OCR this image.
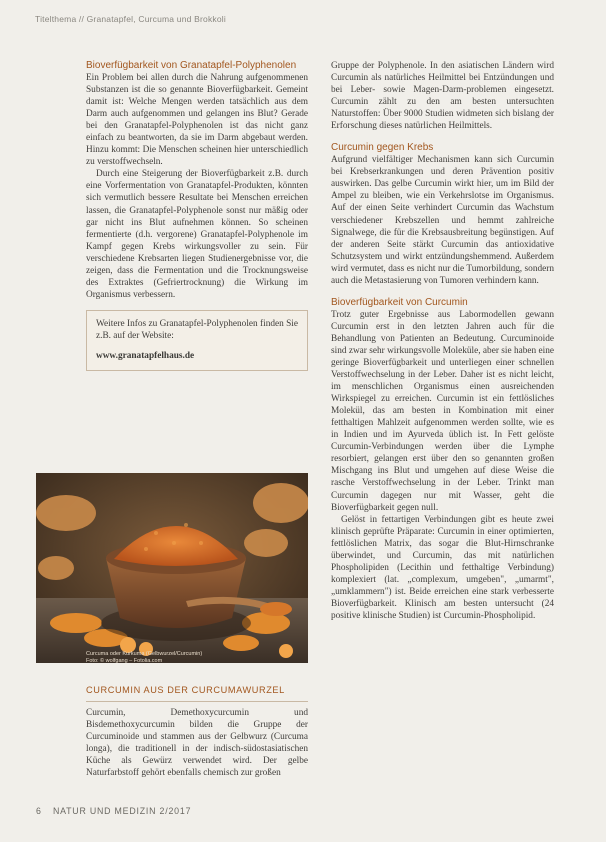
Titelthema // Granatapfel, Curcuma und Brokkoli
Bioverfügbarkeit von Granatapfel-Polyphenolen
Ein Problem bei allen durch die Nahrung aufgenommenen Substanzen ist die so genannte Bioverfügbarkeit. Gemeint damit ist: Welche Mengen werden tatsächlich aus dem Darm auch aufgenommen und gelangen ins Blut? Gerade bei den Granatapfel-Polyphenolen ist das nicht ganz einfach zu beantworten, da sie im Darm abgebaut werden. Hinzu kommt: Die Menschen scheinen hier unterschiedlich zu verstoffwechseln.
Durch eine Steigerung der Bioverfügbarkeit z.B. durch eine Vorfermentation von Granatapfel-Produkten, könnten sich vermutlich bessere Resultate bei Menschen erreichen lassen, die Granatapfel-Polyphenole sonst nur mäßig oder gar nicht ins Blut aufnehmen können. So scheinen fermentierte (d.h. vergorene) Granatapfel-Polyphenole im Kampf gegen Krebs wirkungsvoller zu sein. Für verschiedene Krebsarten liegen Studienergebnisse vor, die zeigen, dass die Fermentation und die Trocknungsweise des Extraktes (Gefriertrocknung) die Wirkung im Organismus verbessern.
Weitere Infos zu Granatapfel-Polyphenolen finden Sie z.B. auf der Website:
www.granatapfelhaus.de
Curcuma oder Kurkuma (Gelbwurzel/Curcumin)
Foto: © wolfgang – Fotolia.com
CURCUMIN AUS DER CURCUMAWURZEL
Curcumin, Demethoxycurcumin und Bisdemethoxycurcumin bilden die Gruppe der Curcuminoide und stammen aus der Gelbwurz (Curcuma longa), die traditionell in der indisch-südostasiatischen Küche als Gewürz verwendet wird. Der gelbe Naturfarbstoff gehört ebenfalls chemisch zur großen
Gruppe der Polyphenole. In den asiatischen Ländern wird Curcumin als natürliches Heilmittel bei Entzündungen und bei Leber- sowie Magen-Darm-problemen eingesetzt. Curcumin zählt zu den am besten untersuchten Naturstoffen: Über 9000 Studien widmeten sich bislang der Erforschung dieses natürlichen Heilmittels.
Curcumin gegen Krebs
Aufgrund vielfältiger Mechanismen kann sich Curcumin bei Krebserkrankungen und deren Prävention positiv auswirken. Das gelbe Curcumin wirkt hier, um im Bild der Ampel zu bleiben, wie ein Verkehrslotse im Organismus. Auf der einen Seite verhindert Curcumin das Wachstum verschiedener Krebszellen und hemmt zahlreiche Signalwege, die für die Krebsausbreitung begünstigen. Auf der anderen Seite stärkt Curcumin das antioxidative Schutzsystem und wirkt entzündungshemmend. Außerdem wird vermutet, dass es nicht nur die Tumorbildung, sondern auch die Metastasierung von Tumoren verhindern kann.
Bioverfügbarkeit von Curcumin
Trotz guter Ergebnisse aus Labormodellen gewann Curcumin erst in den letzten Jahren auch für die Behandlung von Patienten an Bedeutung. Curcuminoide sind zwar sehr wirkungsvolle Moleküle, aber sie haben eine geringe Bioverfügbarkeit und unterliegen einer schnellen Verstoffwechselung in der Leber. Daher ist es nicht leicht, im menschlichen Organismus einen ausreichenden Wirkspiegel zu erreichen. Curcumin ist ein fettlösliches Molekül, das am besten in Kombination mit einer fetthaltigen Mahlzeit aufgenommen werden sollte, wie es in Indien und im Ayurveda üblich ist. In Fett gelöste Curcumin-Verbindungen werden über die Lymphe resorbiert, gelangen erst über den so genannten großen Mischgang ins Blut und umgehen auf diese Weise die rasche Verstoffwechselung in der Leber. Trinkt man Curcumin dagegen nur mit Wasser, geht die Bioverfügbarkeit gegen null.
Gelöst in fettartigen Verbindungen gibt es heute zwei klinisch geprüfte Präparate: Curcumin in einer optimierten, fettlöslichen Matrix, das sogar die Blut-Hirnschranke überwindet, und Curcumin, das mit natürlichen Phospholipiden (Lecithin und fetthaltige Verbindung) komplexiert (lat. „complexum, umgeben", „umarmt", „umklammern") ist. Beide erreichen eine stark verbesserte Bioverfügbarkeit. Klinisch am besten untersucht (24 positive klinische Studien) ist Curcumin-Phospholipid.
6 NATUR UND MEDIZIN 2/2017
